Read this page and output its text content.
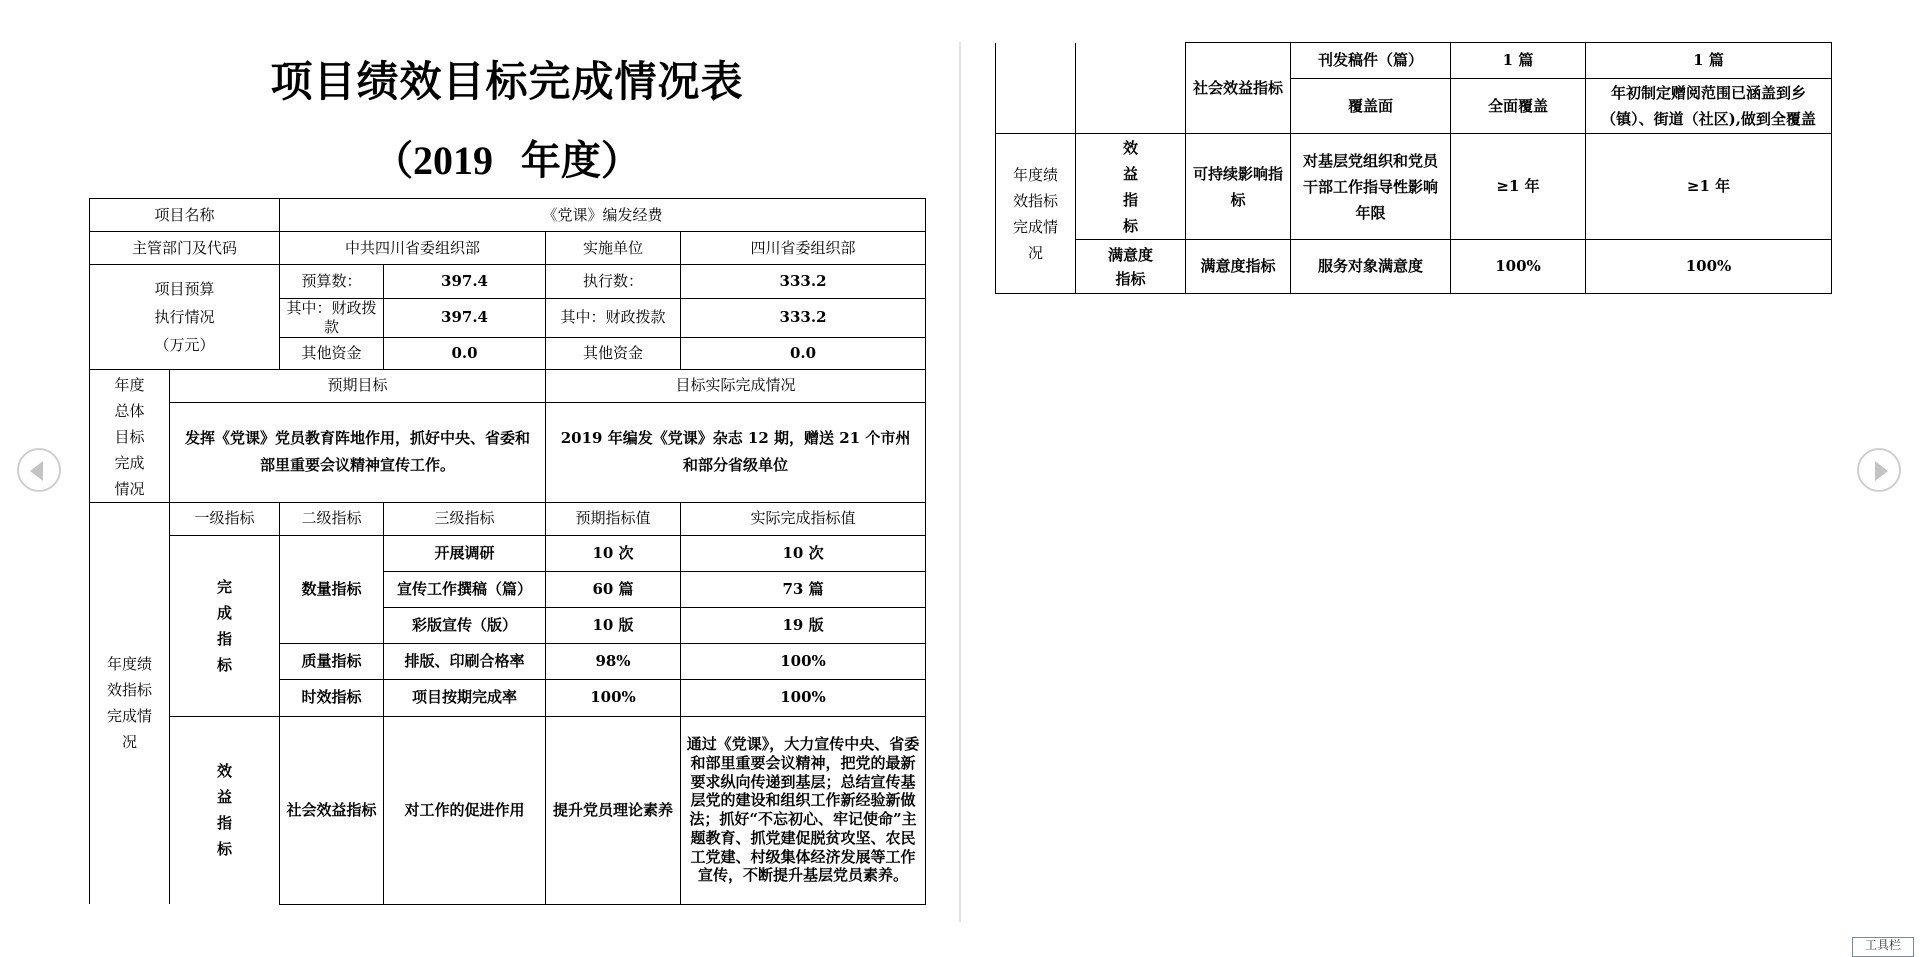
项目绩效目标完成情况表
（2019 年度）
项目名称		《党课》编发经费			
主管部门及代码		中共四川省委组织部		实施单位	四川省委组织部
项目预算
执行情况
（万元）		预算数：	397.4	执行数：	333.2
		其中：财政拨款	397.4	其中：财政拨款	333.2
		其他资金	0.0	其他资金	0.0
年度总体目标完成情况	预期目标			目标实际完成情况	
	发挥《党课》党员教育阵地作用，抓好中央、省委和部里重要会议精神宣传工作。			2019 年编发《党课》杂志 12 期，赠送 21 个市州和部分省级单位	
年度绩效指标完成情况	一级指标	二级指标	三级指标	预期指标值	实际完成指标值
	完成指标	数量指标	开展调研	10 次	10 次
			宣传工作撰稿（篇）	60 篇	73 篇
			彩版宣传（版）	10 版	19 版
		质量指标	排版、印刷合格率	98%	100%
		时效指标	项目按期完成率	100%	100%
	效益指标	社会效益指标	对工作的促进作用	提升党员理论素养	通过《党课》，大力宣传中央、省委和部里重要会议精神，把党的最新要求纵向传递到基层；总结宣传基层党的建设和组织工作新经验新做法；抓好“不忘初心、牢记使命”主题教育、抓党建促脱贫攻坚、农民工党建、村级集体经济发展等工作宣传，不断提升基层党员素养。
		社会效益指标	刊发稿件（篇）	1 篇	1 篇
			覆盖面	全面覆盖	年初制定赠阅范围已涵盖到乡（镇）、街道（社区),做到全覆盖
年度绩效指标完成情况	效益指标	可持续影响指标	对基层党组织和党员干部工作指导性影响年限	≥1 年	≥1 年
	满意度指标	满意度指标	服务对象满意度	100%	100%
工具栏
